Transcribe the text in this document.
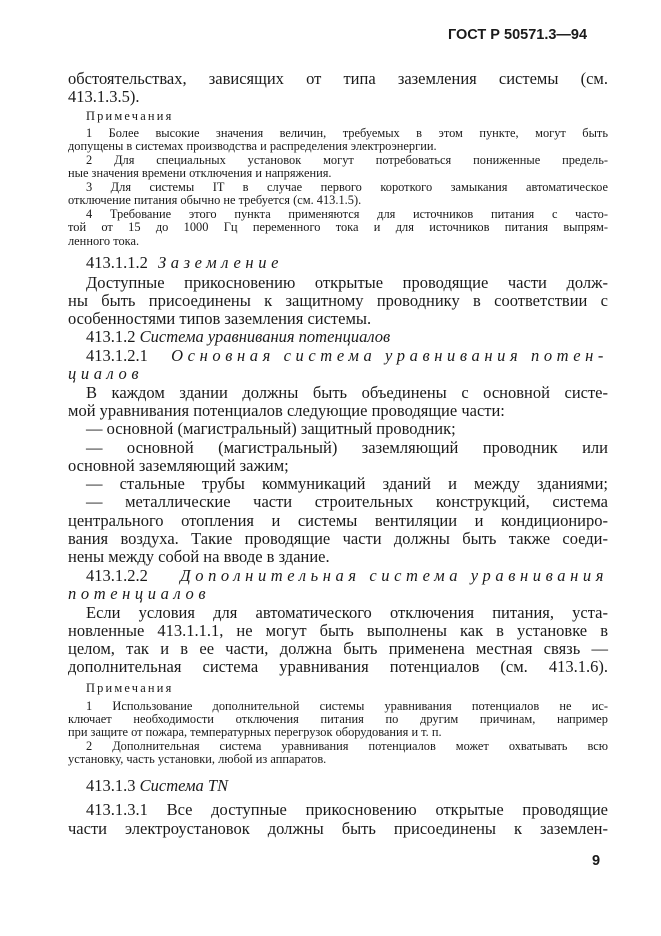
ГОСТ Р 50571.3—94
обстоятельствах, зависящих от типа заземления системы (см.
413.1.3.5).
Примечания
1 Более высокие значения величин, требуемых в этом пункте, могут быть
допущены в системах производства и распределения электроэнергии.
2 Для специальных установок могут потребоваться пониженные предель-
ные значения времени отключения и напряжения.
3 Для системы IT в случае первого короткого замыкания автоматическое
отключение питания обычно не требуется (см. 413.1.5).
4 Требование этого пункта применяются для источников питания с часто-
той от 15 до 1000 Гц переменного тока и для источников питания выпрям-
ленного тока.
413.1.1.2 Заземление
Доступные прикосновению открытые проводящие части долж-
ны быть присоединены к защитному проводнику в соответствии с
особенностями типов заземления системы.
413.1.2 Система уравнивания потенциалов
413.1.2.1 Основная система уравнивания потен-
циалов
В каждом здании должны быть объединены с основной систе-
мой уравнивания потенциалов следующие проводящие части:
— основной (магистральный) защитный проводник;
— основной (магистральный) заземляющий проводник или
основной заземляющий зажим;
— стальные трубы коммуникаций зданий и между зданиями;
— металлические части строительных конструкций, система
центрального отопления и системы вентиляции и кондициониро-
вания воздуха. Такие проводящие части должны быть также соеди-
нены между собой на вводе в здание.
413.1.2.2 Дополнительная система уравнивания
потенциалов
Если условия для автоматического отключения питания, уста-
новленные 413.1.1.1, не могут быть выполнены как в установке в
целом, так и в ее части, должна быть применена местная связь —
дополнительная система уравнивания потенциалов (см. 413.1.6).
Примечания
1 Использование дополнительной системы уравнивания потенциалов не ис-
ключает необходимости отключения питания по другим причинам, например
при защите от пожара, температурных перегрузок оборудования и т. п.
2 Дополнительная система уравнивания потенциалов может охватывать всю
установку, часть установки, любой из аппаратов.
413.1.3 Система TN
413.1.3.1 Все доступные прикосновению открытые проводящие
части электроустановок должны быть присоединены к заземлен-
9
